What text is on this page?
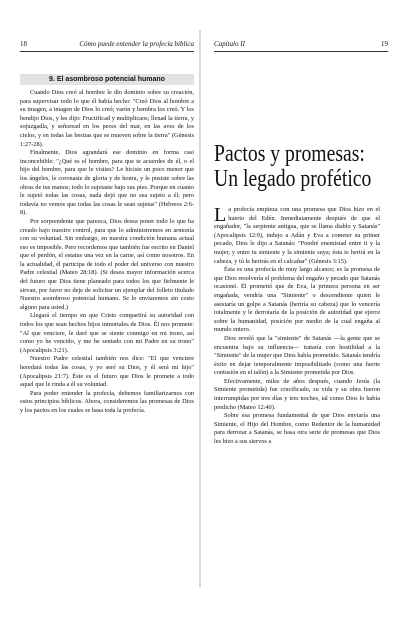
18	Cómo puede entender la profecía bíblica
9. El asombroso potencial humano

Cuando Dios creó al hombre le dio dominio sobre su creación, para supervisar todo lo que él había hecho: "Creó Dios al hombre a su imagen, a imagen de Dios lo creó; varón y hembra los creó. Y los bendijo Dios, y les dijo: Fructificad y multiplicaos; llenad la tierra, y sojuzgadla, y señoread en los peces del mar, en las aves de los cielos, y en todas las bestias que se mueven sobre la tierra" (Génesis 1:27-28).

Finalmente, Dios agrandará ese dominio en forma casi inconcebible: "¿Qué es el hombre, para que te acuerdes de él, o el hijo del hombre, para que le visites? Le hiciste un poco menor que los ángeles, le coronaste de gloria y de honra, y le pusiste sobre las obras de tus manos; todo lo sujetaste bajo sus pies. Porque en cuanto le sujetó todas las cosas, nada dejó que no sea sujeto a él; pero todavía no vemos que todas las cosas le sean sujetas" (Hebreos 2:6-8).

Por sorprendente que parezca, Dios desea poner todo lo que ha creado bajo nuestro control, para que lo administremos en armonía con su voluntad. Sin embargo, en nuestra condición humana actual eso es imposible. Pero recordemos que también fue escrito en Daniel que el perdón, el estatus una vez en la carne, así como nosotros. En la actualidad, él participa de todo el poder del universo con nuestro Padre celestial (Mateo 28:18). (Si desea mayor información acerca del futuro que Dios tiene planeado para todos los que fielmente le sirvan, por favor no deje de solicitar un ejemplar del folleto titulado Nuestro asombroso potencial humano. Se lo enviaremos sin costo alguno para usted.)

Llegará el tiempo en que Cristo compartirá su autoridad con todos los que sean hechos hijos inmortales de Dios. Él nos promete: "Al que venciere, le daré que se siente conmigo en mi trono, así como yo he vencido, y me he sentado con mi Padre en su trono" (Apocalipsis 3:21).

Nuestro Padre celestial también nos dice: "El que venciere heredará todas las cosas, y yo seré su Dios, y él será mi hijo" (Apocalipsis 21:7). Éste es el futuro que Dios le promete a todo aquel que le rinda a él su voluntad.

Para poder entender la profecía, debemos familiarizarnos con estos principios bíblicos. Ahora, consideremos las promesas de Dios y los pactos en los cuales se basa toda la profecía.

Capítulo II	19
Pactos y promesas:
Un legado profético

La profecía empieza con una promesa que Dios hizo en el huerto del Edén. Inmediatamente después de que el engañador, "la serpiente antigua, que se llama diablo y Satanás" (Apocalipsis 12:9), indujo a Adán y Eva a cometer su primer pecado, Dios le dijo a Satanás: "Pondré enemistad entre ti y la mujer, y entre tu simiente y la simiente suya; ésta te herirá en la cabeza, y tú le herirás en el calcañar" (Génesis 3:15).

Ésta es una profecía de muy largo alcance; es la promesa de que Dios resolvería el problema del engaño y pecado que Satanás ocasionó. Él prometió que de Eva, la primera persona en ser engañada, vendría una "Simiente" o descendiente quien le asestaría un golpe a Satanás (heriría su cabeza) que lo vencería totalmente y le derrotaría de la posición de autoridad que ejerce sobre la humanidad, posición por medio de la cual engaña al mundo entero.

Dios reveló que la "simiente" de Satanás —la gente que se encuentra bajo su influencia— trataría con hostilidad a la "Simiente" de la mujer que Dios había prometido. Satanás tendría éxito en dejar temporalmente imposibilitado (como una fuerte contusión en el talón) a la Simiente prometida por Dios.

Efectivamente, miles de años después, cuando Jesús (la Simiente prometida) fue crucificado, su vida y su obra fueron interrumpidas por tres días y tres noches, tal como Dios lo había predicho (Mateo 12:40).

Sobre esa promesa fundamental de que Dios enviaría una Simiente, el Hijo del Hombre, como Redentor de la humanidad para derrotar a Satanás, se basa otra serie de promesas que Dios les hizo a sus siervos a
